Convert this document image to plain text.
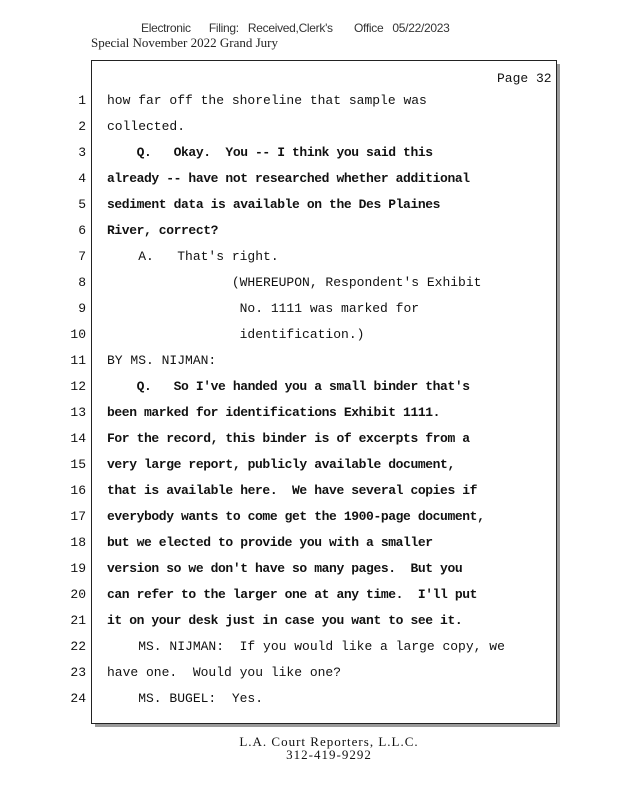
Electronic      Filing:   Received,Clerk's       Office   05/22/2023
Special November 2022 Grand Jury
Page 32
1
2
3
4
5
6
7
8
9
10
11
12
13
14
15
16
17
18
19
20
21
22
23
24
how far off the shoreline that sample was
collected.
Q.   Okay.  You -- I think you said this
already -- have not researched whether additional
sediment data is available on the Des Plaines
River, correct?
A.   That's right.
(WHEREUPON, Respondent's Exhibit
No. 1111 was marked for
identification.)
BY MS. NIJMAN:
Q.   So I've handed you a small binder that's
been marked for identifications Exhibit 1111.
For the record, this binder is of excerpts from a
very large report, publicly available document,
that is available here.  We have several copies if
everybody wants to come get the 1900-page document,
but we elected to provide you with a smaller
version so we don't have so many pages.  But you
can refer to the larger one at any time.  I'll put
it on your desk just in case you want to see it.
MS. NIJMAN:  If you would like a large copy, we
have one.  Would you like one?
MS. BUGEL:  Yes.
L.A. Court Reporters, L.L.C.
312-419-9292
